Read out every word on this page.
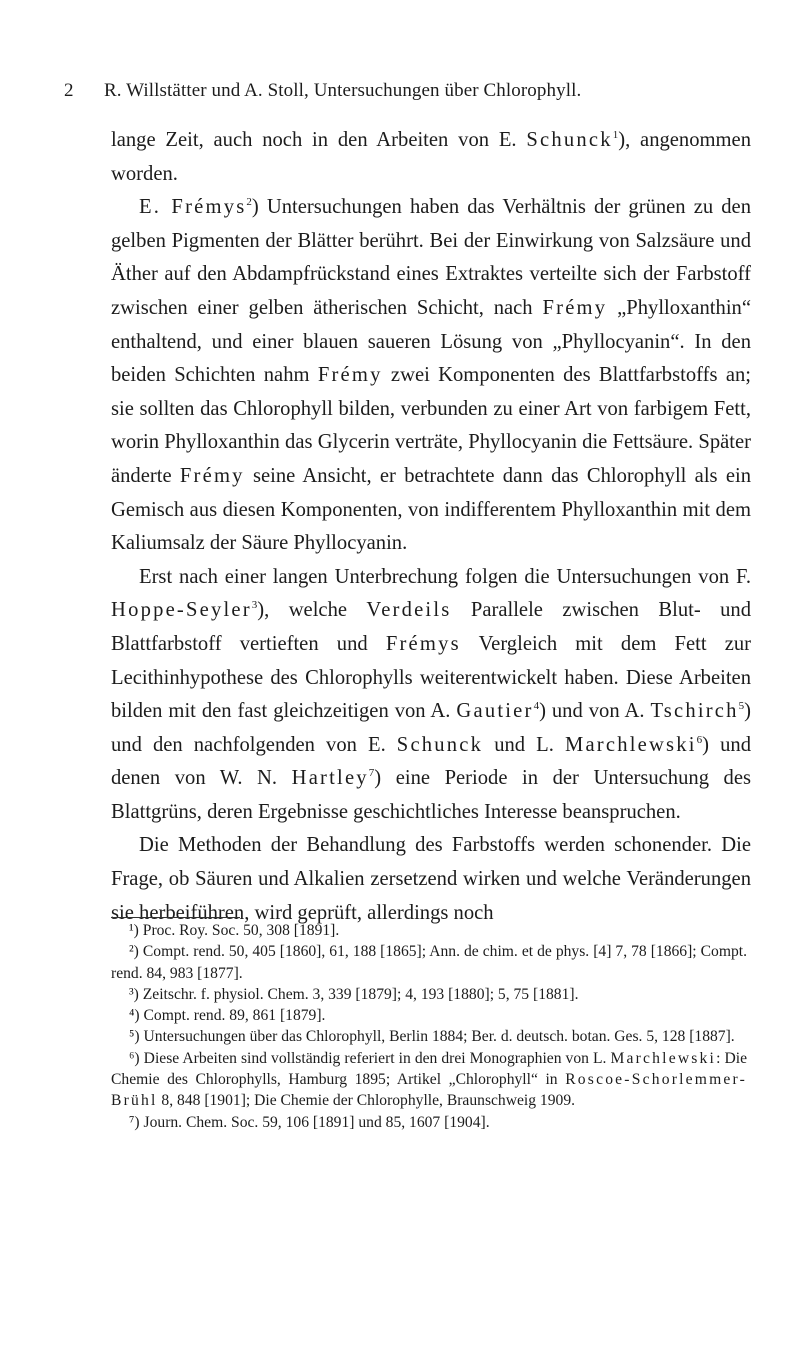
2 R. Willstätter und A. Stoll, Untersuchungen über Chlorophyll.

lange Zeit, auch noch in den Arbeiten von E. Schunck$^1$), angenommen worden.

E. Frémys$^2$) Untersuchungen haben das Verhältnis der grünen zu den gelben Pigmenten der Blätter berührt. Bei der Einwirkung von Salzsäure und Äther auf den Abdampfrückstand eines Extraktes verteilte sich der Farbstoff zwischen einer gelben ätherischen Schicht, nach Frémy „Phylloxanthin“ enthaltend, und einer blauen saueren Lösung von „Phyllocyanin“. In den beiden Schichten nahm Frémy zwei Komponenten des Blattfarbstoffs an; sie sollten das Chlorophyll bilden, verbunden zu einer Art von farbigem Fett, worin Phylloxanthin das Glycerin verträte, Phyllocyanin die Fettsäure. Später änderte Frémy seine Ansicht, er betrachtete dann das Chlorophyll als ein Gemisch aus diesen Komponenten, von indifferentem Phylloxanthin mit dem Kaliumsalz der Säure Phyllocyanin.

Erst nach einer langen Unterbrechung folgen die Untersuchungen von F. Hoppe-Seyler$^3$), welche Verdeils Parallele zwischen Blut- und Blattfarbstoff vertieften und Frémys Vergleich mit dem Fett zur Lecithinhypothese des Chlorophylls weiterentwickelt haben. Diese Arbeiten bilden mit den fast gleichzeitigen von A. Gautier$^4$) und von A. Tschirch$^5$) und den nachfolgenden von E. Schunck und L. Marchlewski$^6$) und denen von W. N. Hartley$^7$) eine Periode in der Untersuchung des Blattgrüns, deren Ergebnisse geschichtliches Interesse beanspruchen.

Die Methoden der Behandlung des Farbstoffs werden schonender. Die Frage, ob Säuren und Alkalien zersetzend wirken und welche Veränderungen sie herbeiführen, wird geprüft, allerdings noch

¹) Proc. Roy. Soc. 50, 308 [1891].

²) Compt. rend. 50, 405 [1860], 61, 188 [1865]; Ann. de chim. et de phys. [4] 7, 78 [1866]; Compt. rend. 84, 983 [1877].

³) Zeitschr. f. physiol. Chem. 3, 339 [1879]; 4, 193 [1880]; 5, 75 [1881].

⁴) Compt. rend. 89, 861 [1879].

⁵) Untersuchungen über das Chlorophyll, Berlin 1884; Ber. d. deutsch. botan. Ges. 5, 128 [1887].

⁶) Diese Arbeiten sind vollständig referiert in den drei Monographien von L. Marchlewski: Die Chemie des Chlorophylls, Hamburg 1895; Artikel „Chlorophyll“ in Roscoe-Schorlemmer-Brühl 8, 848 [1901]; Die Chemie der Chlorophylle, Braunschweig 1909.

⁷) Journ. Chem. Soc. 59, 106 [1891] und 85, 1607 [1904].
